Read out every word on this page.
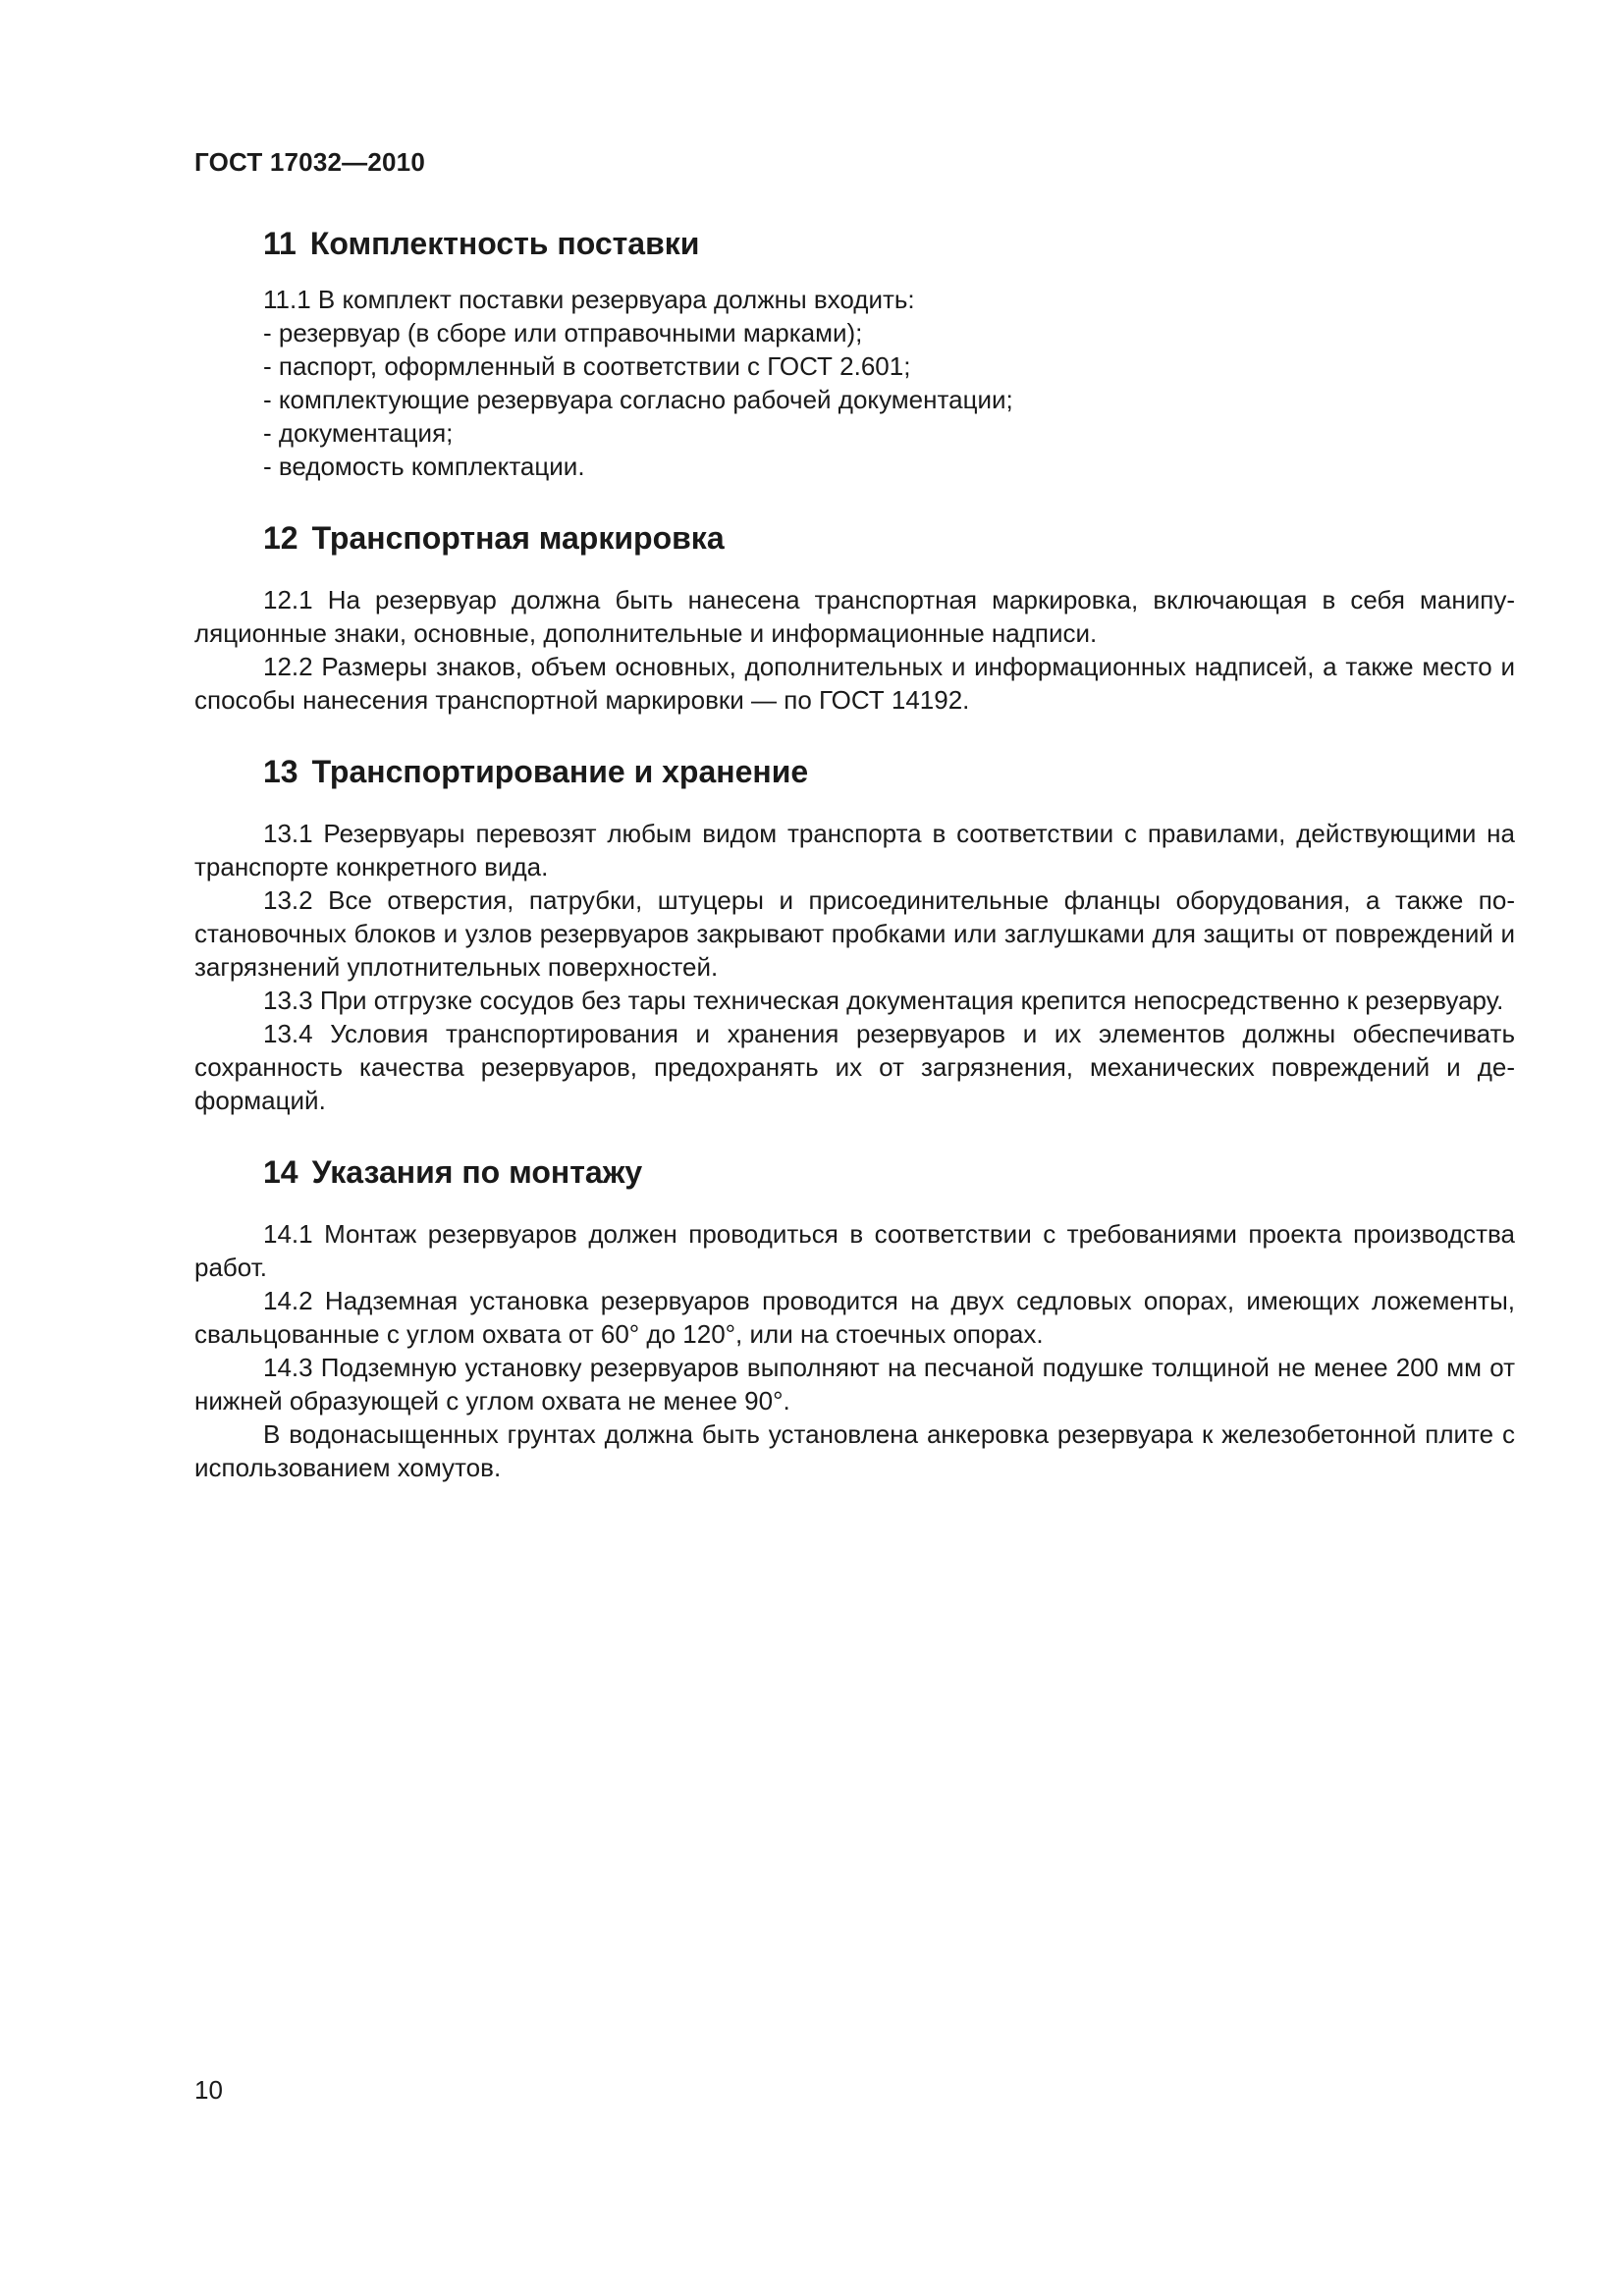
ГОСТ 17032—2010
11 Комплектность поставки

11.1 В комплект поставки резервуара должны входить:

- резервуар (в сборе или отправочными марками);

- паспорт, оформленный в соответствии с ГОСТ 2.601;

- комплектующие резервуара согласно рабочей документации;

- документация;

- ведомость комплектации.

12 Транспортная маркировка

12.1 На резервуар должна быть нанесена транспортная маркировка, включающая в себя манипуляционные знаки, основные, дополнительные и информационные надписи.

12.2 Размеры знаков, объем основных, дополнительных и информационных надписей, а также место и способы нанесения транспортной маркировки — по ГОСТ 14192.

13 Транспортирование и хранение

13.1 Резервуары перевозят любым видом транспорта в соответствии с правилами, действующими на транспорте конкретного вида.

13.2 Все отверстия, патрубки, штуцеры и присоединительные фланцы оборудования, а также постановочных блоков и узлов резервуаров закрывают пробками или заглушками для защиты от повреждений и загрязнений уплотнительных поверхностей.

13.3 При отгрузке сосудов без тары техническая документация крепится непосредственно к резервуару.

13.4 Условия транспортирования и хранения резервуаров и их элементов должны обеспечивать сохранность качества резервуаров, предохранять их от загрязнения, механических повреждений и деформаций.

14 Указания по монтажу

14.1 Монтаж резервуаров должен проводиться в соответствии с требованиями проекта производства работ.

14.2 Надземная установка резервуаров проводится на двух седловых опорах, имеющих ложементы, свальцованные с углом охвата от 60° до 120°, или на стоечных опорах.

14.3 Подземную установку резервуаров выполняют на песчаной подушке толщиной не менее 200 мм от нижней образующей с углом охвата не менее 90°.

В водонасыщенных грунтах должна быть установлена анкеровка резервуара к железобетонной плите с использованием хомутов.

10
